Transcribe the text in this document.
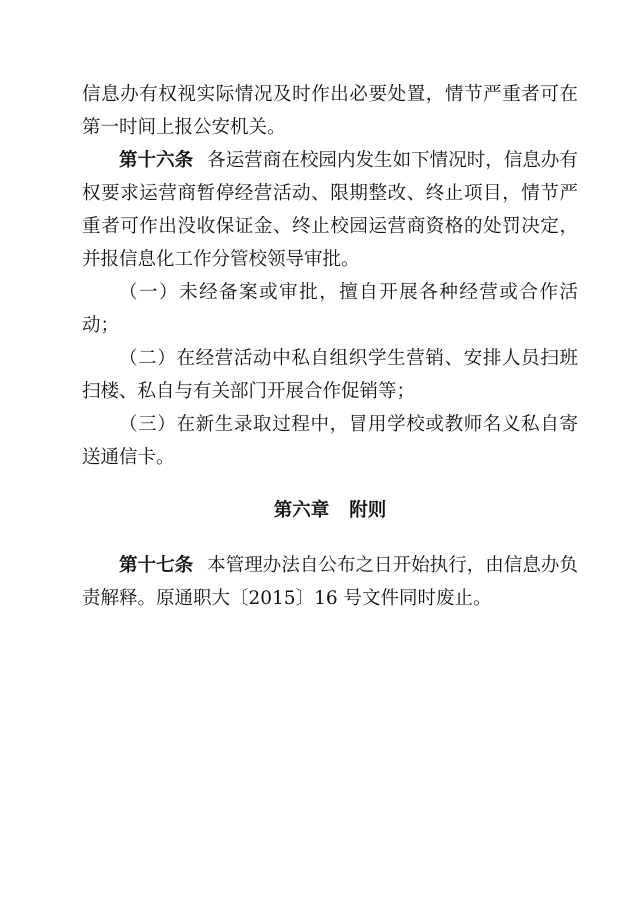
信息办有权视实际情况及时作出必要处置，情节严重者可在第一时间上报公安机关。

第十六条 各运营商在校园内发生如下情况时，信息办有权要求运营商暂停经营活动、限期整改、终止项目，情节严重者可作出没收保证金、终止校园运营商资格的处罚决定，并报信息化工作分管校领导审批。

（一）未经备案或审批，擅自开展各种经营或合作活动；

（二）在经营活动中私自组织学生营销、安排人员扫班扫楼、私自与有关部门开展合作促销等；

（三）在新生录取过程中，冒用学校或教师名义私自寄送通信卡。

第六章 附则

第十七条 本管理办法自公布之日开始执行，由信息办负责解释。原通职大〔2015〕16 号文件同时废止。
